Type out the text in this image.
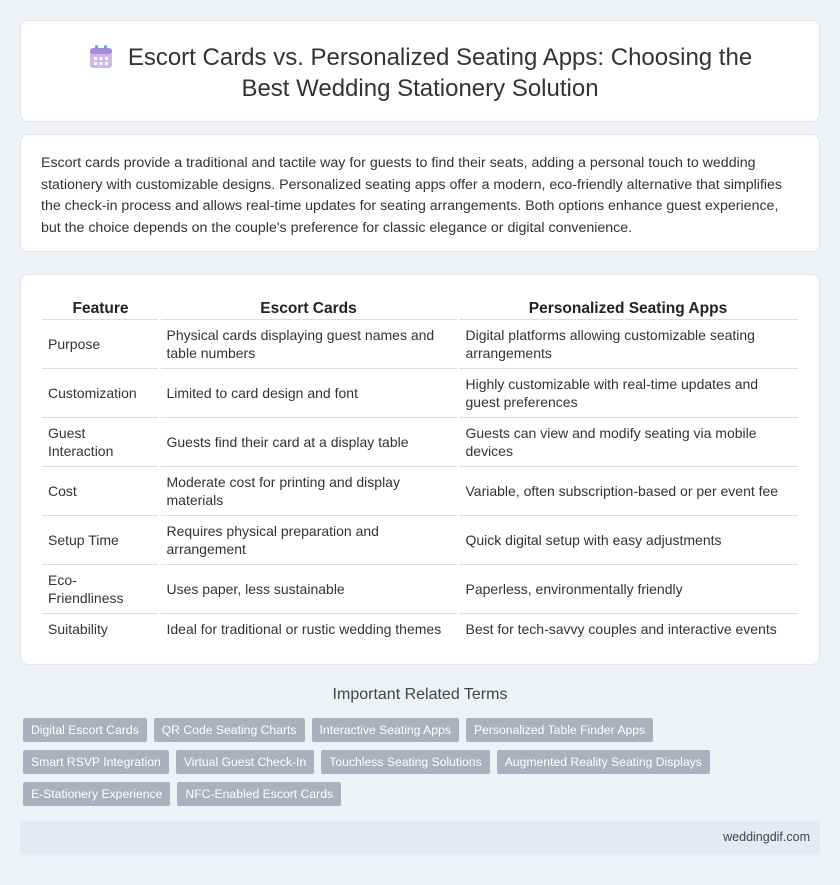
Escort Cards vs. Personalized Seating Apps: Choosing the Best Wedding Stationery Solution

Escort cards provide a traditional and tactile way for guests to find their seats, adding a personal touch to wedding stationery with customizable designs. Personalized seating apps offer a modern, eco-friendly alternative that simplifies the check-in process and allows real-time updates for seating arrangements. Both options enhance guest experience, but the choice depends on the couple's preference for classic elegance or digital convenience.

Feature	Escort Cards	Personalized Seating Apps
Purpose	Physical cards displaying guest names and table numbers	Digital platforms allowing customizable seating arrangements
Customization	Limited to card design and font	Highly customizable with real-time updates and guest preferences
Guest Interaction	Guests find their card at a display table	Guests can view and modify seating via mobile devices
Cost	Moderate cost for printing and display materials	Variable, often subscription-based or per event fee
Setup Time	Requires physical preparation and arrangement	Quick digital setup with easy adjustments
Eco-Friendliness	Uses paper, less sustainable	Paperless, environmentally friendly
Suitability	Ideal for traditional or rustic wedding themes	Best for tech-savvy couples and interactive events
Important Related Terms
Digital Escort Cards	QR Code Seating Charts	Interactive Seating Apps	Personalized Table Finder Apps
Smart RSVP Integration	Virtual Guest Check-In	Touchless Seating Solutions	Augmented Reality Seating Displays
E-Stationery Experience	NFC-Enabled Escort Cards
weddingdif.com
